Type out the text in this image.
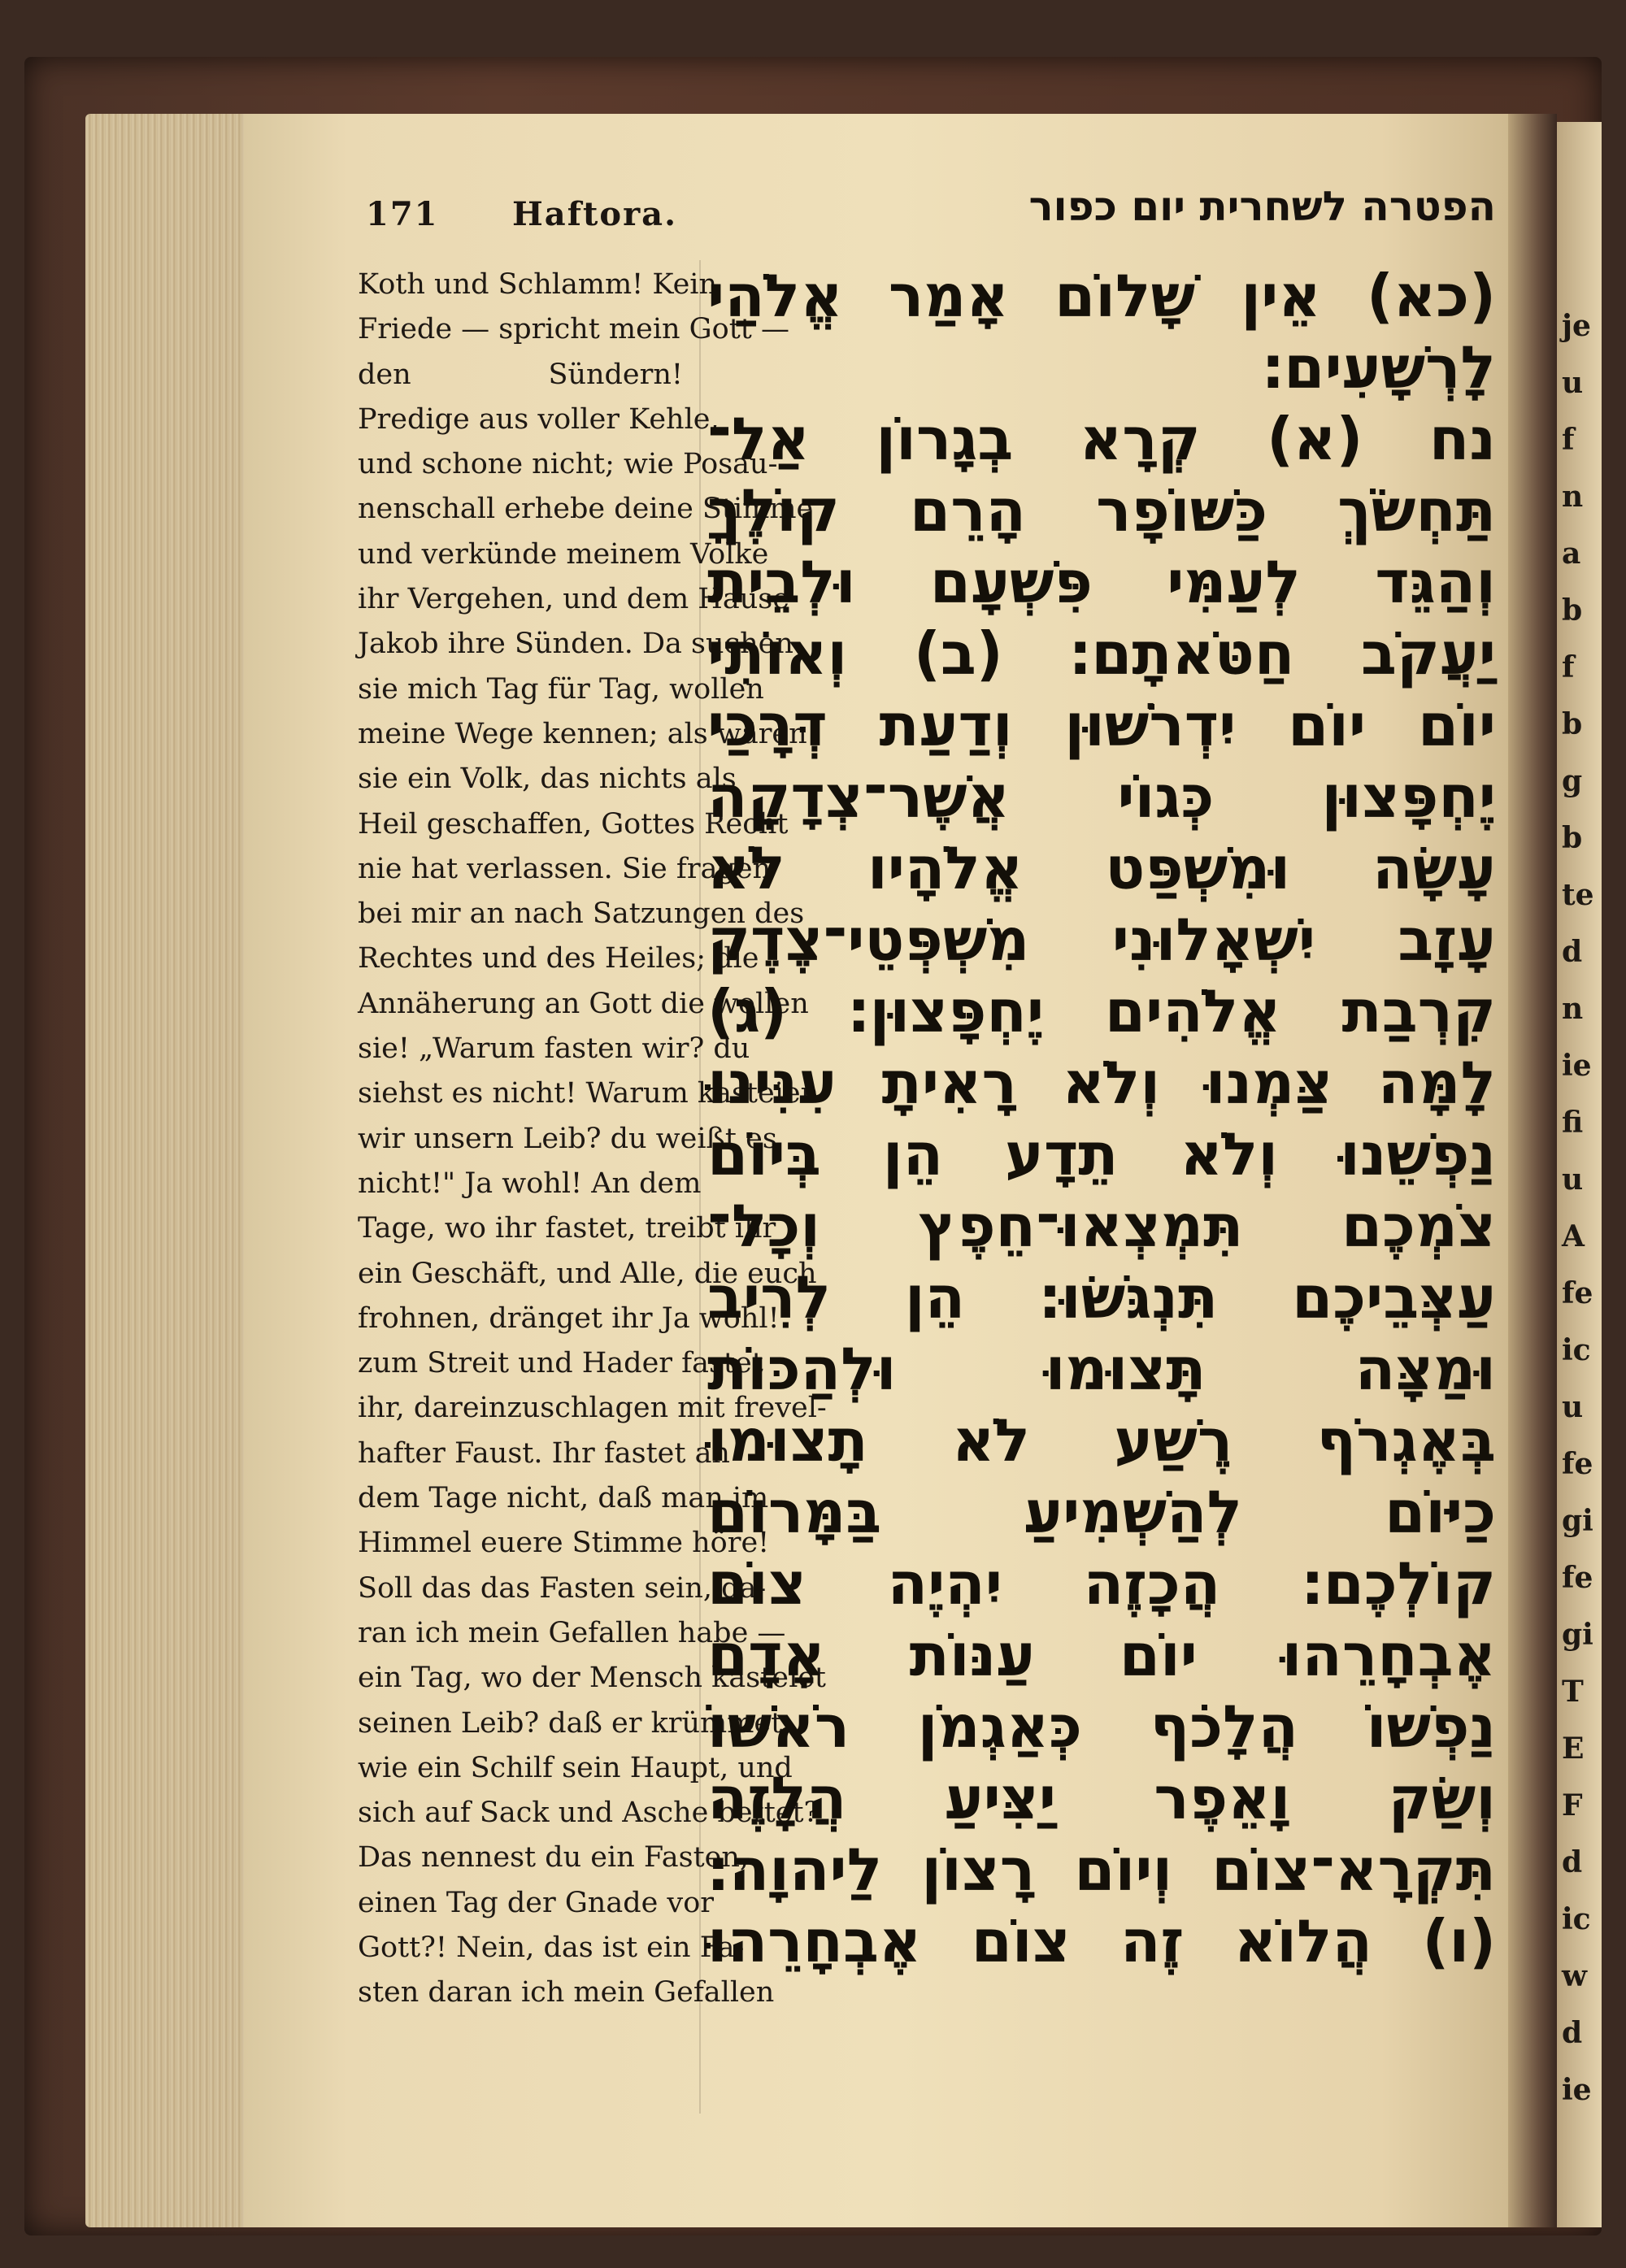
171 Haftora.	הפטרה לשחרית יום כפור
Koth und Schlamm! Kein
Friede — spricht mein Gott —
den Sündern!
Predige aus voller Kehle,
und schone nicht; wie Posau-
nenschall erhebe deine Stimme
und verkünde meinem Volke
ihr Vergehen, und dem Hause
Jakob ihre Sünden. Da suchen
sie mich Tag für Tag, wollen
meine Wege kennen; als wären
sie ein Volk, das nichts als
Heil geschaffen, Gottes Recht
nie hat verlassen. Sie fragen
bei mir an nach Satzungen des
Rechtes und des Heiles; die
Annäherung an Gott die wollen
sie! „Warum fasten wir? du
siehst es nicht! Warum kasteien
wir unsern Leib? du weißt es
nicht!" Ja wohl! An dem
Tage, wo ihr fastet, treibt ihr
ein Geschäft, und Alle, die euch
frohnen, dränget ihr Ja wohl!
zum Streit und Hader fastet
ihr, dareinzuschlagen mit frevel-
hafter Faust. Ihr fastet an
dem Tage nicht, daß man im
Himmel euere Stimme höre!
Soll das das Fasten sein, da-
ran ich mein Gefallen habe —
ein Tag, wo der Mensch kasteiet
seinen Leib? daß er krümmet
wie ein Schilf sein Haupt, und
sich auf Sack und Asche bettet?
Das nennest du ein Fasten,
einen Tag der Gnade vor
Gott?! Nein, das ist ein Fa-
sten daran ich mein Gefallen
(כא) אֵין שָׁלוֹם אָמַר אֱלֹהַי
לָרְשָׁעִים׃
נח (א) קְרָא בְגָרוֹן אַל־
תַּחְשֹׂךְ כַּשּׁוֹפָר הָרֵם קוֹלֶךָ
וְהַגֵּד לְעַמִּי פִּשְׁעָם וּלְבֵית
יַעֲקֹב חַטֹּאתָם׃ (ב) וְאוֹתִי
יוֹם יוֹם יִדְרֹשׁוּן וְדַעַת דְּרָכַי
יֶחְפָּצוּן כְּגוֹי אֲשֶׁר־צְדָקָה
עָשָׂה וּמִשְׁפַּט אֱלֹהָיו לֹא
עָזָב יִשְׁאָלוּנִי מִשְׁפְּטֵי־צֶדֶק
קִרְבַת אֱלֹהִים יֶחְפָּצוּן׃ (ג)
לָמָּה צַּמְנוּ וְלֹא רָאִיתָ עִנִּינוּ
נַפְשֵׁנוּ וְלֹא תֵדָע הֵן בְּיוֹם
צֹמְכֶם תִּמְצְאוּ־חֵפֶץ וְכָל־
עַצְּבֵיכֶם תִּנְגֹּשׂוּ׃ הֵן לְרִיב
וּמַצָּה תָּצוּמוּ וּלְהַכּוֹת
בְּאֶגְרֹף רֶשַׁע לֹא תָצוּמוּ
כַיּוֹם לְהַשְׁמִיעַ בַּמָּרוֹם
קוֹלְכֶם׃ הֲכָזֶה יִהְיֶה צוֹם
אֶבְחָרֵהוּ יוֹם עַנּוֹת אָדָם
נַפְשׁוֹ הֲלָכֹף כְּאַגְמֹן רֹאשׁוֹ
וְשַׂק וָאֵפֶר יַצִּיעַ הֲלָזֶה
תִּקְרָא־צוֹם וְיוֹם רָצוֹן לַיהוָה׃
(ו) הֲלוֹא זֶה צוֹם אֶבְחָרֵהוּ
je
u
f
n
a
b
f
b
g
b
te
d
n
ie
fi
u
A
fe
ic
u
fe
gi
fe
gi
T
E
F
d
ic
w
d
ie
